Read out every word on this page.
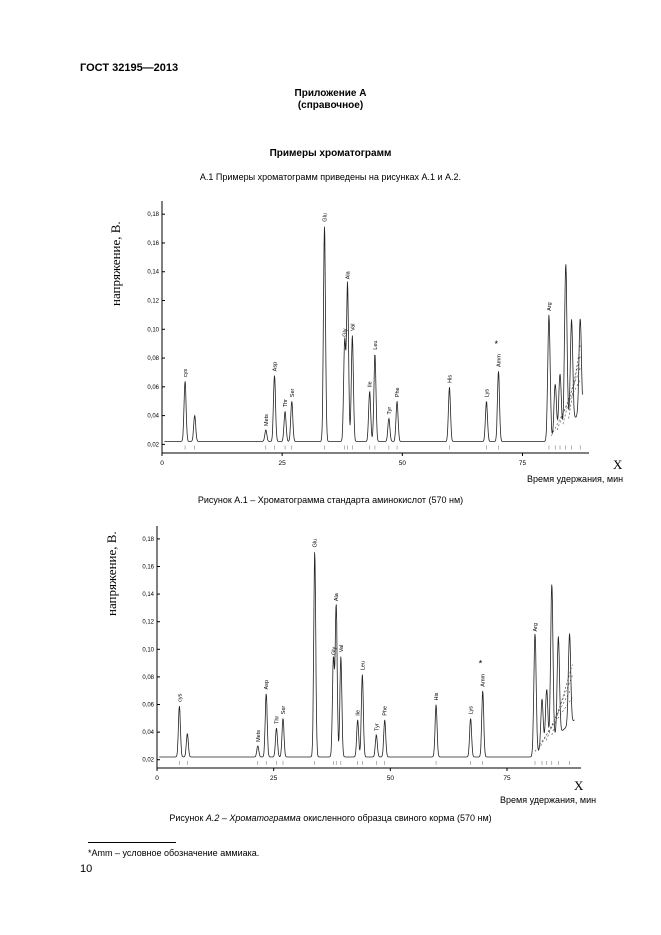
ГОСТ 32195—2013
Приложение А
(справочное)
Примеры хроматограмм
А.1 Примеры хроматограмм приведены на рисунках А.1 и А.2.
напряжение, В.
0,02
0,04
0,06
0,08
0,10
0,12
0,14
0,16
0,18
0	25	50	75
cys
Mets
Asp
Thr
Ser
Glu
Gly
Ala
Val
Ile
Leu
Tyr
Phe
His
Lys
Amm
Arg
*
X
Время удержания, мин
Рисунок А.1 – Хроматограмма стандарта аминокислот (570 нм)
напряжение, В.
0,02
0,04
0,06
0,08
0,10
0,12
0,14
0,16
0,18
0	25	50	75
cys
Mets
Asp
Thr
Ser
Glu
Gly
Ala
Val
Ile
Leu
Tyr
Phe
His
Lys
Amm
Arg
*
X
Время удержания, мин
Рисунок А.2 – Хроматограмма окисленного образца свиного корма (570 нм)
*Amm – условное обозначение аммиака.
10
